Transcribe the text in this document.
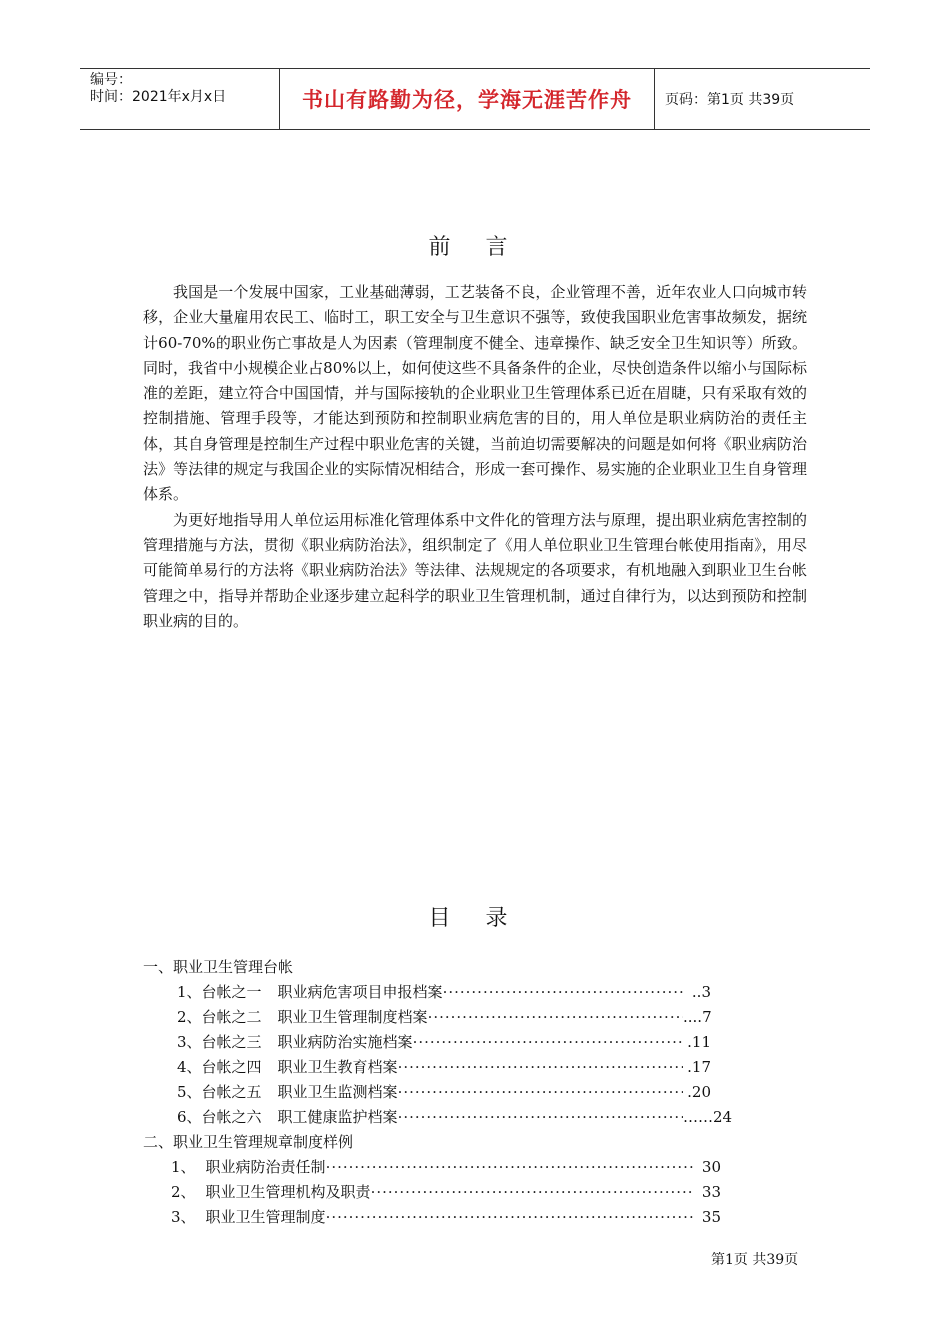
编号：
时间：2021年x月x日	书山有路勤为径，学海无涯苦作舟	页码：第1页 共39页
前 言

我国是一个发展中国家，工业基础薄弱，工艺装备不良，企业管理不善，近年农业人口向城市转移，企业大量雇用农民工、临时工，职工安全与卫生意识不强等，致使我国职业危害事故频发，据统计60-70%的职业伤亡事故是人为因素（管理制度不健全、违章操作、缺乏安全卫生知识等）所致。同时，我省中小规模企业占80%以上，如何使这些不具备条件的企业，尽快创造条件以缩小与国际标准的差距，建立符合中国国情，并与国际接轨的企业职业卫生管理体系已近在眉睫，只有采取有效的控制措施、管理手段等，才能达到预防和控制职业病危害的目的，用人单位是职业病防治的责任主体，其自身管理是控制生产过程中职业危害的关键，当前迫切需要解决的问题是如何将《职业病防治法》等法律的规定与我国企业的实际情况相结合，形成一套可操作、易实施的企业职业卫生自身管理体系。

为更好地指导用人单位运用标准化管理体系中文件化的管理方法与原理，提出职业病危害控制的管理措施与方法，贯彻《职业病防治法》，组织制定了《用人单位职业卫生管理台帐使用指南》，用尽可能简单易行的方法将《职业病防治法》等法律、法规规定的各项要求，有机地融入到职业卫生台帐管理之中，指导并帮助企业逐步建立起科学的职业卫生管理机制，通过自律行为，以达到预防和控制职业病的目的。

目 录
一、职业卫生管理台帐
1、台帐之一 职业病危害项目申报档案 ·····	..3
2、台帐之二 职业卫生管理制度档案 ·····	....7
3、台帐之三 职业病防治实施档案 ·····	.11
4、台帐之四 职业卫生教育档案 ·····	.17
5、台帐之五 职业卫生监测档案 ·····	.20
6、台帐之六 职工健康监护档案 ·····	……24
二、职业卫生管理规章制度样例
1、 职业病防治责任制 ·····	30
2、 职业卫生管理机构及职责 ·····	33
3、 职业卫生管理制度 ·····	35
第1页 共39页
